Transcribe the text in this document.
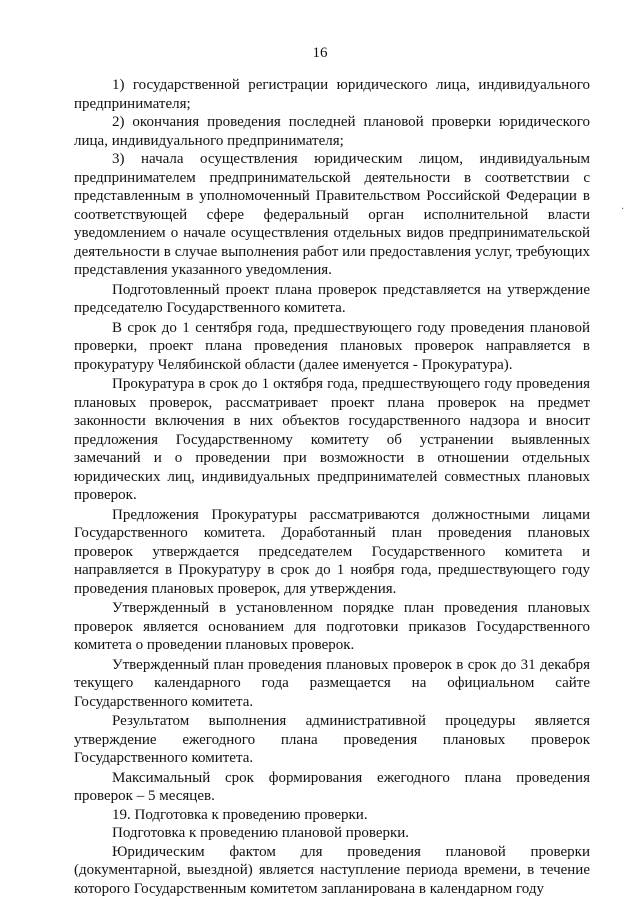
16
·

1) государственной регистрации юридического лица, индивидуального предпринимателя;

2) окончания проведения последней плановой проверки юридического лица, индивидуального предпринимателя;

3) начала осуществления юридическим лицом, индивидуальным предпринимателем предпринимательской деятельности в соответствии с представленным в уполномоченный Правительством Российской Федерации в соответствующей сфере федеральный орган исполнительной власти уведомлением о начале осуществления отдельных видов предпринимательской деятельности в случае выполнения работ или предоставления услуг, требующих представления указанного уведомления.

Подготовленный проект плана проверок представляется на утверждение председателю Государственного комитета.

В срок до 1 сентября года, предшествующего году проведения плановой проверки, проект плана проведения плановых проверок направляется в прокуратуру Челябинской области (далее именуется - Прокуратура).

Прокуратура в срок до 1 октября года, предшествующего году проведения плановых проверок, рассматривает проект плана проверок на предмет законности включения в них объектов государственного надзора и вносит предложения Государственному комитету об устранении выявленных замечаний и о проведении при возможности в отношении отдельных юридических лиц, индивидуальных предпринимателей совместных плановых проверок.

Предложения Прокуратуры рассматриваются должностными лицами Государственного комитета. Доработанный план проведения плановых проверок утверждается председателем Государственного комитета и направляется в Прокуратуру в срок до 1 ноября года, предшествующего году проведения плановых проверок, для утверждения.

Утвержденный в установленном порядке план проведения плановых проверок является основанием для подготовки приказов Государственного комитета о проведении плановых проверок.

Утвержденный план проведения плановых проверок в срок до 31 декабря текущего календарного года размещается на официальном сайте Государственного комитета.

Результатом выполнения административной процедуры является утверждение ежегодного плана проведения плановых проверок Государственного комитета.

Максимальный срок формирования ежегодного плана проведения проверок – 5 месяцев.

19. Подготовка к проведению проверки.

Подготовка к проведению плановой проверки.

Юридическим фактом для проведения плановой проверки (документарной, выездной) является наступление периода времени, в течение которого Государственным комитетом запланирована в календарном году
